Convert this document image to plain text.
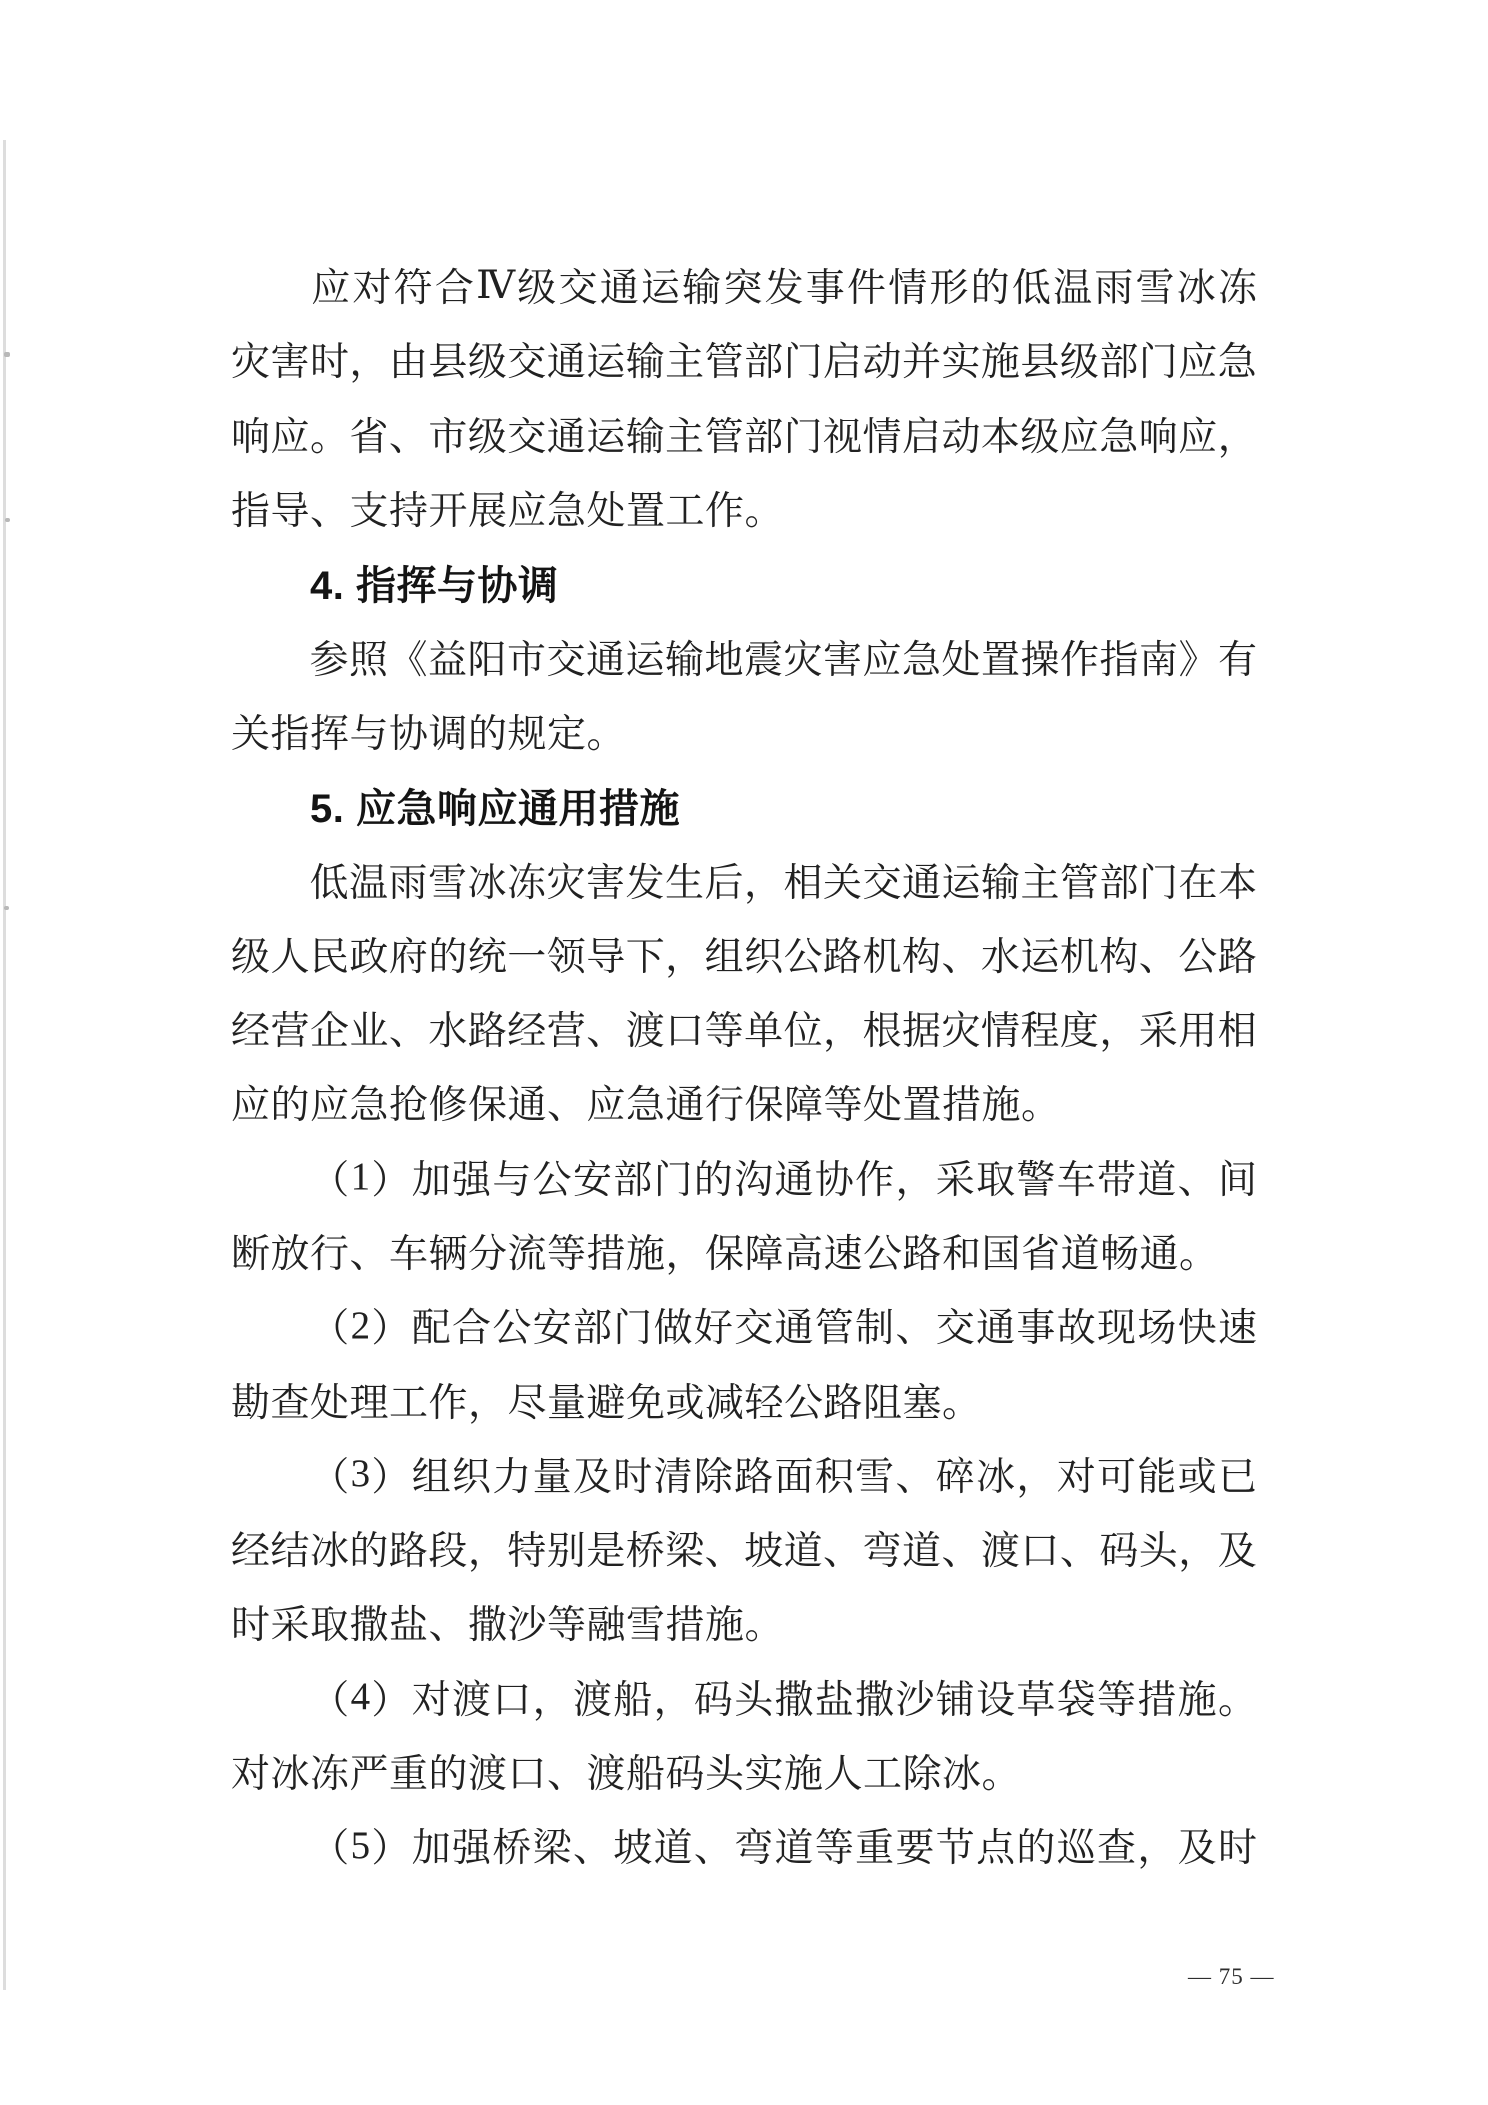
应 对 符 合 Ⅳ 级 交 通 运 输 突 发 事 件 情 形 的 低 温 雨 雪 冰 冻
灾 害 时 ， 由 县 级 交 通 运 输 主 管 部 门 启 动 并 实 施 县 级 部 门 应 急
响 应 。 省 、 市 级 交 通 运 输 主 管 部 门 视 情 启 动 本 级 应 急 响 应 ，
指导、支持开展应急处置工作。
4. 指挥与协调
参 照 《 益 阳 市 交 通 运 输 地 震 灾 害 应 急 处 置 操 作 指 南 》 有
关指挥与协调的规定。
5. 应急响应通用措施
低 温 雨 雪 冰 冻 灾 害 发 生 后 ， 相 关 交 通 运 输 主 管 部 门 在 本
级 人 民 政 府 的 统 一 领 导 下 ， 组 织 公 路 机 构 、 水 运 机 构 、 公 路
经 营 企 业 、 水 路 经 营 、 渡 口 等 单 位 ， 根 据 灾 情 程 度 ， 采 用 相
应的应急抢修保通、应急通行保障等处置措施。
（ 1 ） 加 强 与 公 安 部 门 的 沟 通 协 作 ， 采 取 警 车 带 道 、 间
断放行、车辆分流等措施，保障高速公路和国省道畅通。
（ 2 ） 配 合 公 安 部 门 做 好 交 通 管 制 、 交 通 事 故 现 场 快 速
勘查处理工作，尽量避免或减轻公路阻塞。
（ 3 ） 组 织 力 量 及 时 清 除 路 面 积 雪 、 碎 冰 ， 对 可 能 或 已
经 结 冰 的 路 段 ， 特 别 是 桥 梁 、 坡 道 、 弯 道 、 渡 口 、 码 头 ， 及
时采取撒盐、撒沙等融雪措施。
（ 4 ） 对 渡 口 ， 渡 船 ， 码 头 撒 盐 撒 沙 铺 设 草 袋 等 措 施 。
对冰冻严重的渡口、渡船码头实施人工除冰。
（ 5 ） 加 强 桥 梁 、 坡 道 、 弯 道 等 重 要 节 点 的 巡 查 ， 及 时
— 75 —
